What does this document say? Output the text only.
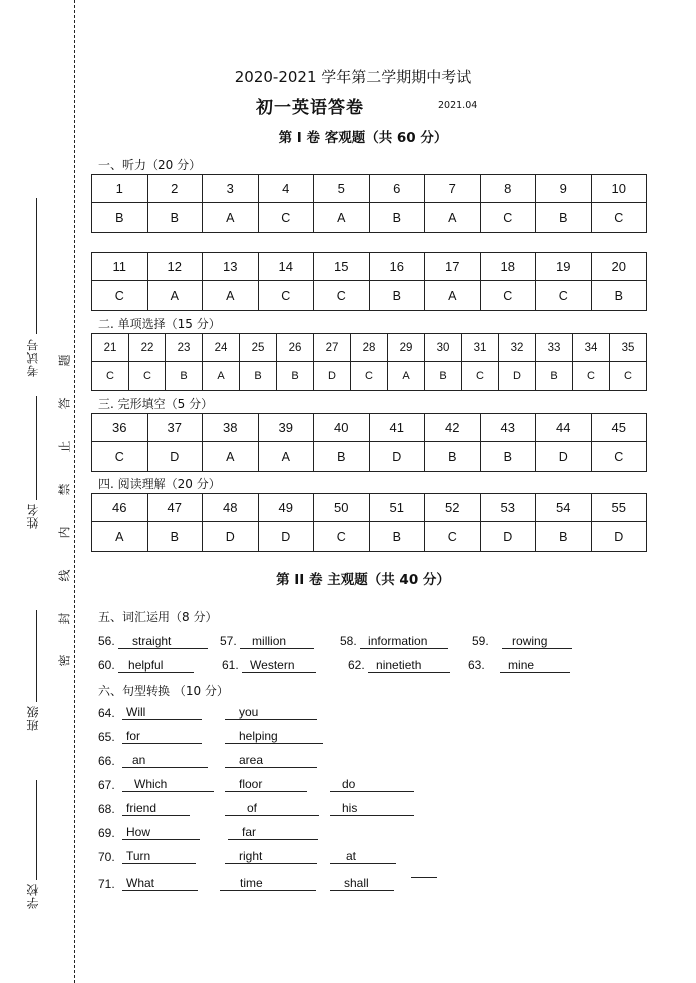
考试号
姓名
班级
学校
题
答
止
禁
内
线
封
密
2020-2021 学年第二学期期中考试
初一英语答卷	2021.04
第 I 卷 客观题（共 60 分）
一、听力（20 分）
1	2	3	4	5	6	7	8	9	10
B	B	A	C	A	B	A	C	B	C
11	12	13	14	15	16	17	18	19	20
C	A	A	C	C	B	A	C	C	B
二. 单项选择（15 分）
21	22	23	24	25	26	27	28	29	30	31	32	33	34	35
C	C	B	A	B	B	D	C	A	B	C	D	B	C	C
三. 完形填空（5 分）
36	37	38	39	40	41	42	43	44	45
C	D	A	A	B	D	B	B	D	C
四. 阅读理解（20 分）
46	47	48	49	50	51	52	53	54	55
A	B	D	D	C	B	C	D	B	D
第 II 卷 主观题（共 40 分）
五、词汇运用（8 分）
56. straight	57. million	58. information	59. rowing
60. helpful	61. Western	62. ninetieth	63. mine
六、句型转换 （10 分）
64. Will	you
65. for	helping
66.	an	area
67.	Which	floor	do
68. friend	of	his
69. How	far
70. Turn	right	at
71. What	time	shall
